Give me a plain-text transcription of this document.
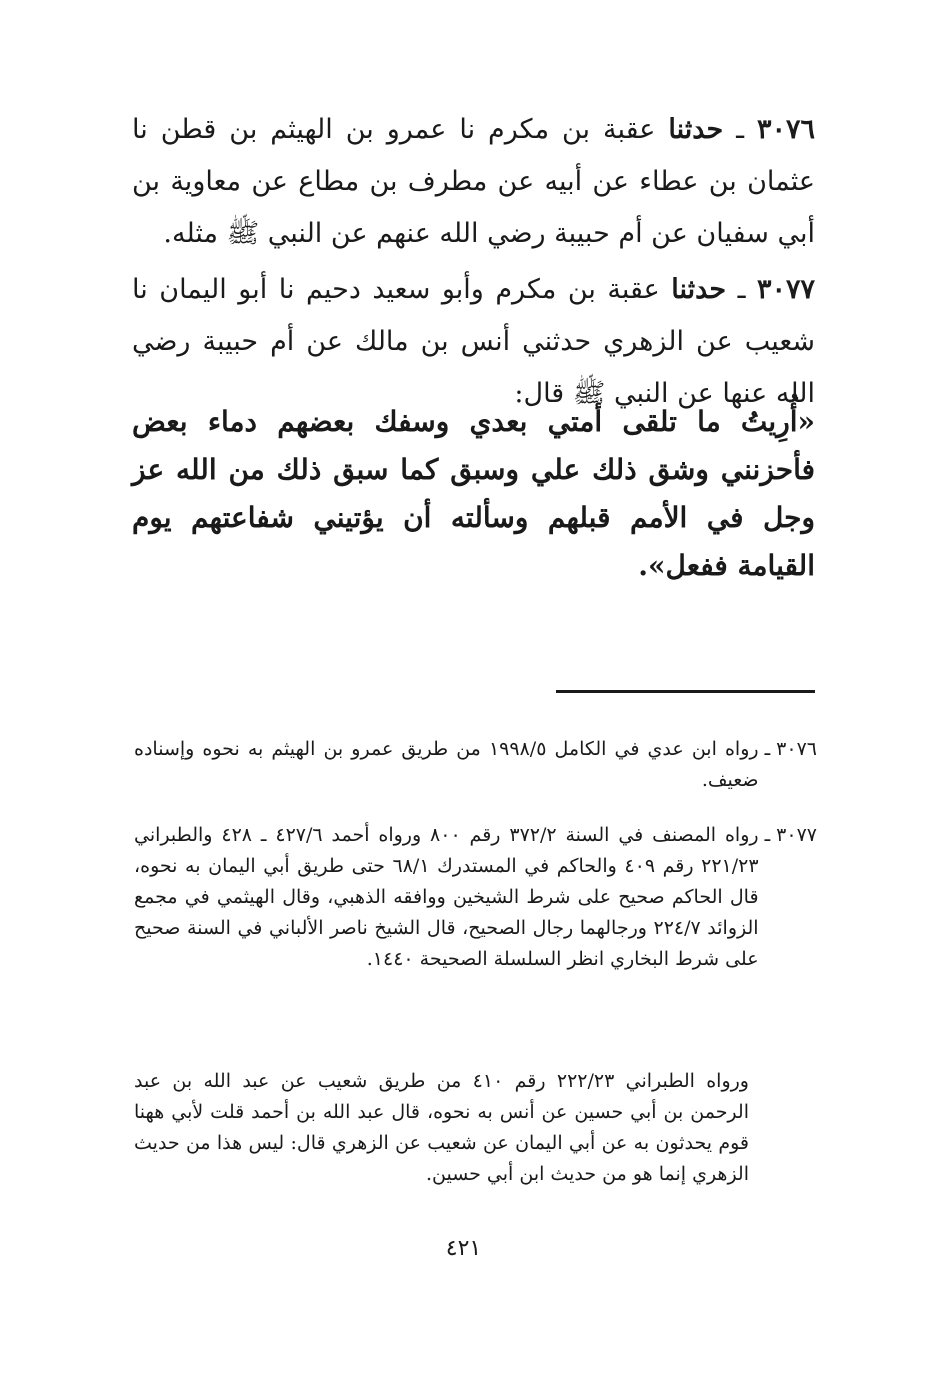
٣٠٧٦ ـ حدثنا عقبة بن مكرم نا عمرو بن الهيثم بن قطن نا عثمان بن عطاء عن أبيه عن مطرف بن مطاع عن معاوية بن أبي سفيان عن أم حبيبة رضي الله عنهم عن النبي ﷺ مثله.

٣٠٧٧ ـ حدثنا عقبة بن مكرم وأبو سعيد دحيم نا أبو اليمان نا شعيب عن الزهري حدثني أنس بن مالك عن أم حبيبة رضي الله عنها عن النبي ﷺ قال:

«أُرِيتُ ما تلقى أمتي بعدي وسفك بعضهم دماء بعض فأحزنني وشق ذلك علي وسبق كما سبق ذلك من الله عز وجل في الأمم قبلهم وسألته أن يؤتيني شفاعتهم يوم القيامة ففعل».

٣٠٧٦ ـ
رواه ابن عدي في الكامل ١٩٩٨/٥ من طريق عمرو بن الهيثم به نحوه وإسناده ضعيف.
٣٠٧٧ ـ
رواه المصنف في السنة ٣٧٢/٢ رقم ٨٠٠ ورواه أحمد ٤٢٧/٦ ـ ٤٢٨ والطبراني ٢٢١/٢٣ رقم ٤٠٩ والحاكم في المستدرك ٦٨/١ حتى طريق أبي اليمان به نحوه، قال الحاكم صحيح على شرط الشيخين ووافقه الذهبي، وقال الهيثمي في مجمع الزوائد ٢٢٤/٧ ورجالهما رجال الصحيح، قال الشيخ ناصر الألباني في السنة صحيح على شرط البخاري انظر السلسلة الصحيحة ١٤٤٠.
ورواه الطبراني ٢٢٢/٢٣ رقم ٤١٠ من طريق شعيب عن عبد الله بن عبد الرحمن بن أبي حسين عن أنس به نحوه، قال عبد الله بن أحمد قلت لأبي ههنا قوم يحدثون به عن أبي اليمان عن شعيب عن الزهري قال: ليس هذا من حديث الزهري إنما هو من حديث ابن أبي حسين.
٤٢١
